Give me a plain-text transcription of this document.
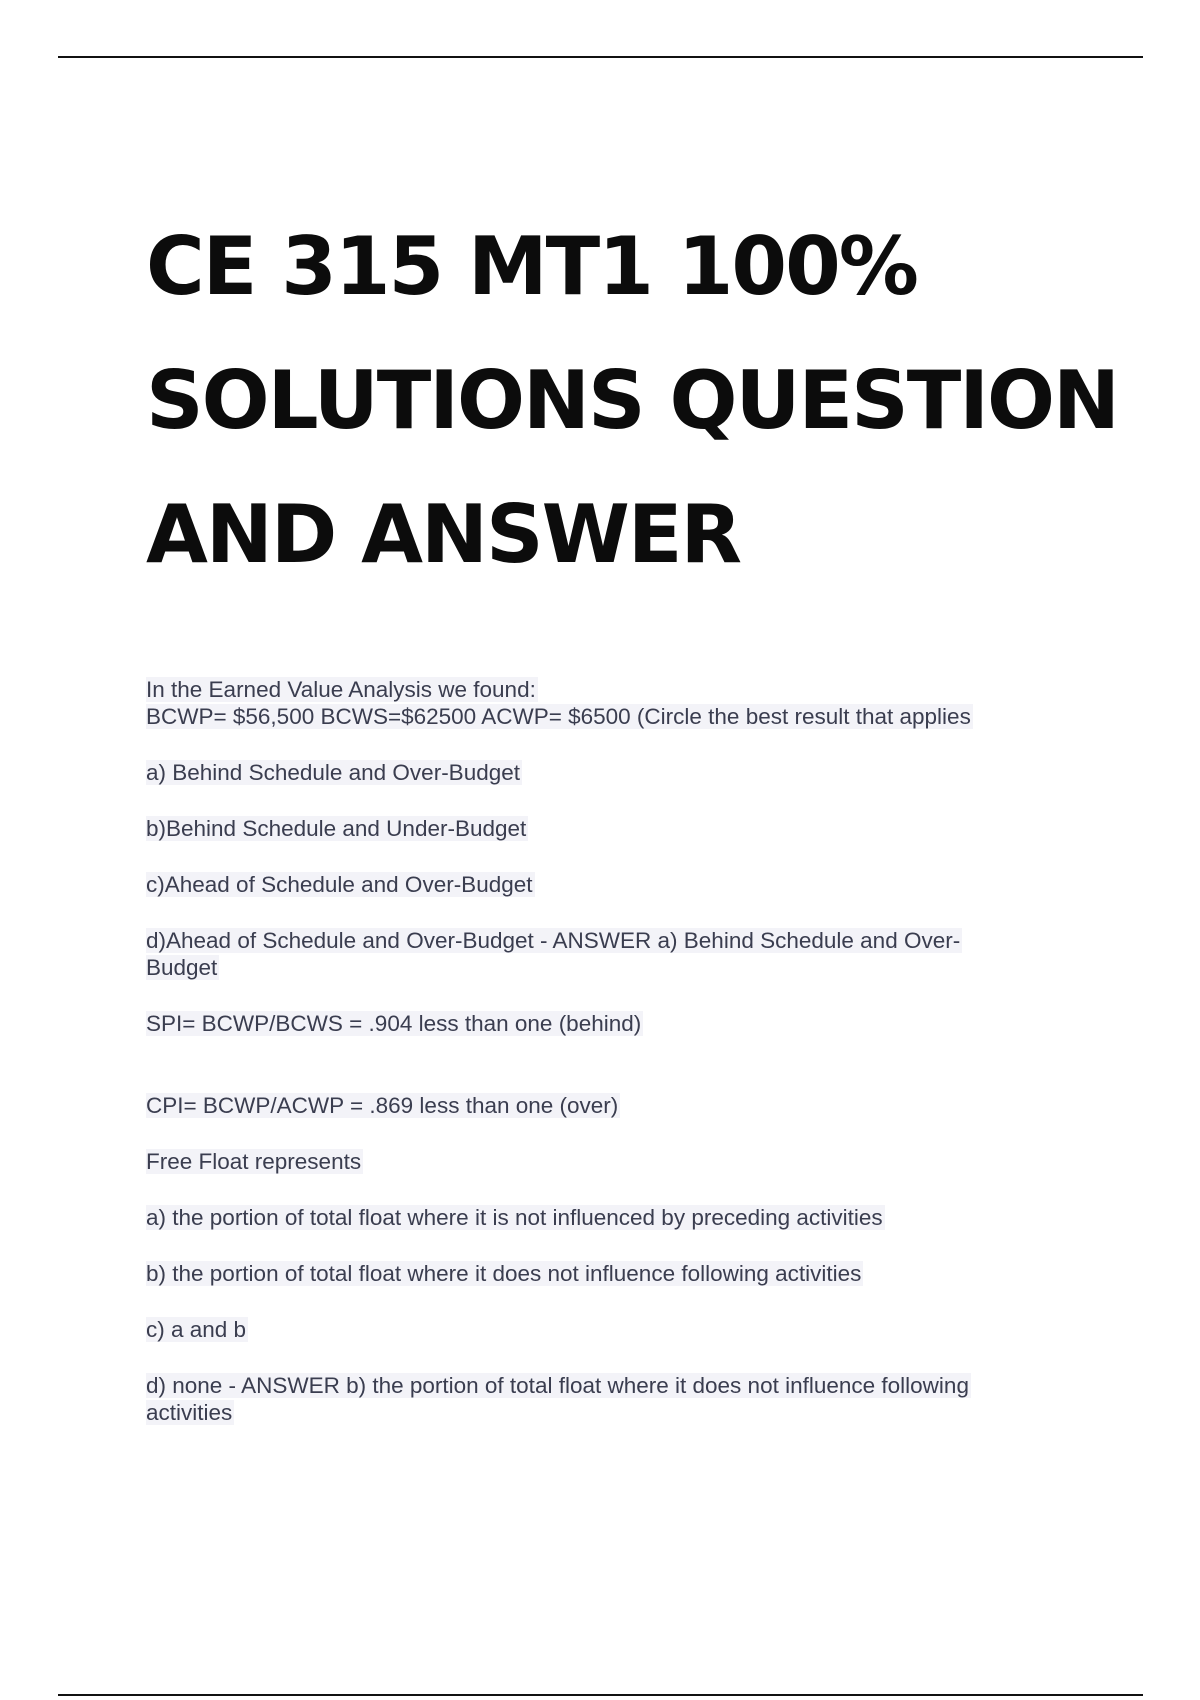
CE 315 MT1 100%
SOLUTIONS QUESTION
AND ANSWER
In the Earned Value Analysis we found:
BCWP= $56,500 BCWS=$62500 ACWP= $6500 (Circle the best result that applies
a) Behind Schedule and Over-Budget
b)Behind Schedule and Under-Budget
c)Ahead of Schedule and Over-Budget
d)Ahead of Schedule and Over-Budget - ANSWER a) Behind Schedule and Over-
Budget
SPI= BCWP/BCWS = .904 less than one (behind)
CPI= BCWP/ACWP = .869 less than one (over)
Free Float represents
a) the portion of total float where it is not influenced by preceding activities
b) the portion of total float where it does not influence following activities
c) a and b
d) none - ANSWER b) the portion of total float where it does not influence following
activities
